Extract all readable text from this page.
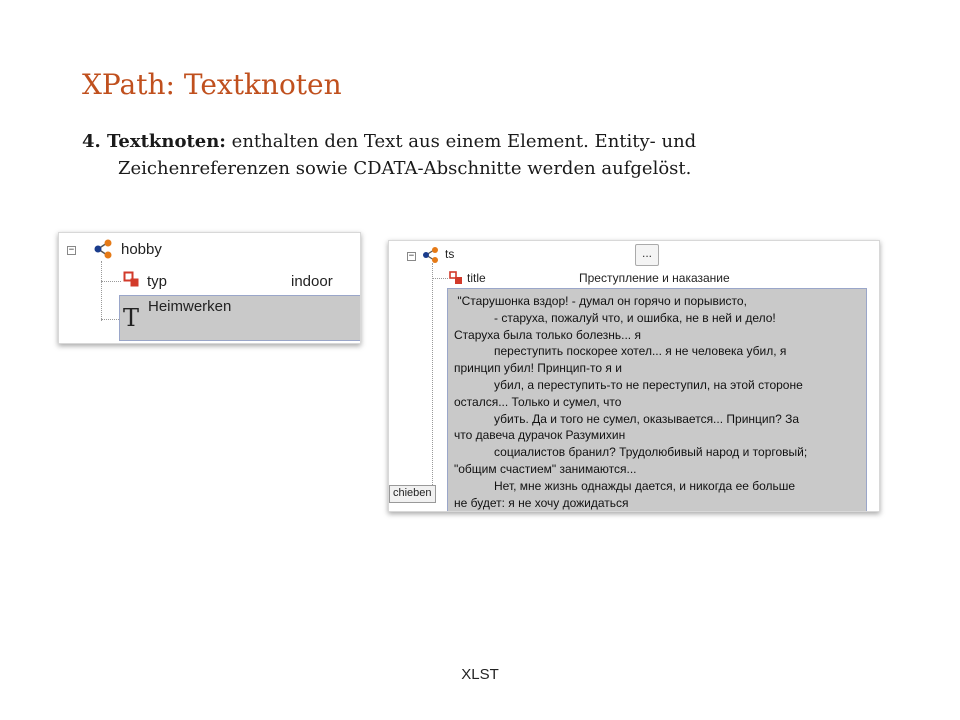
XPath: Textknoten
4. Textknoten: enthalten den Text aus einem Element. Entity- und
Zeichenreferenzen sowie CDATA-Abschnitte werden aufgelöst.
−	hobby
typ	indoor
T Heimwerken
−	ts	...
title	Преступление и наказание
"Старушонка вздор! - думал он горячо и порывисто,
- старуха, пожалуй что, и ошибка, не в ней и дело!
Старуха была только болезнь... я
переступить поскорее хотел... я не человека убил, я
принцип убил! Принцип-то я и
убил, а переступить-то не переступил, на этой стороне
остался... Только и сумел, что
убить. Да и того не сумел, оказывается... Принцип? За
что давеча дурачок Разумихин
социалистов бранил? Трудолюбивый народ и торговый;
"общим счастием" занимаются...
Нет, мне жизнь однажды дается, и никогда ее больше
не будет: я не хочу дожидаться
chieben
XLST
